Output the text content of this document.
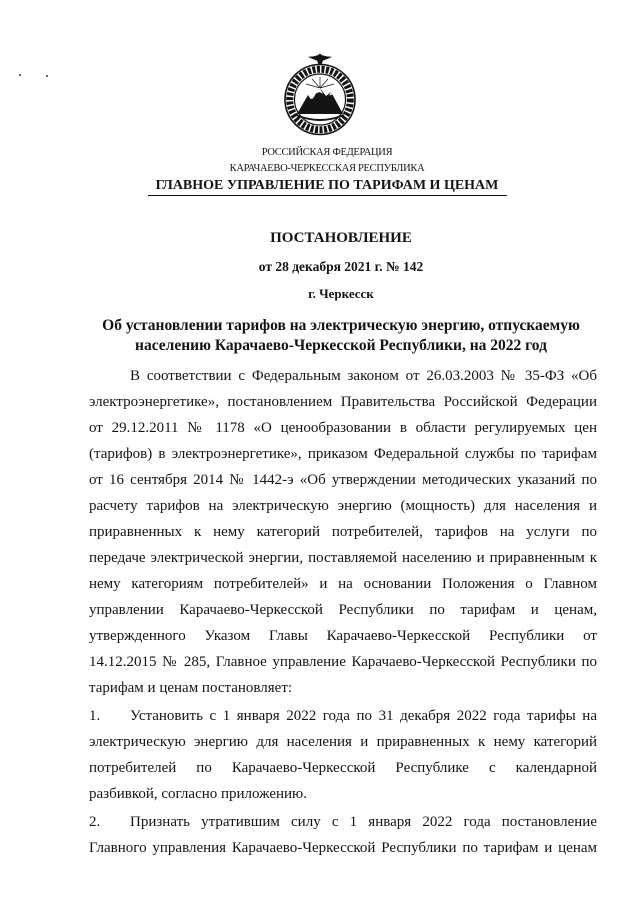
РОССИЙСКАЯ ФЕДЕРАЦИЯ
КАРАЧАЕВО-ЧЕРКЕССКАЯ РЕСПУБЛИКА
ГЛАВНОЕ УПРАВЛЕНИЕ ПО ТАРИФАМ И ЦЕНАМ
ПОСТАНОВЛЕНИЕ
от 28 декабря 2021 г. № 142
г. Черкесск
Об установлении тарифов на электрическую энергию, отпускаемую
населению Карачаево-Черкесской Республики, на 2022 год
В соответствии с Федеральным законом от 26.03.2003 № 35-ФЗ «Об
электроэнергетике», постановлением Правительства Российской Федерации
от 29.12.2011 № 1178 «О ценообразовании в области регулируемых цен
(тарифов) в электроэнергетике», приказом Федеральной службы по тарифам
от 16 сентября 2014 № 1442-э «Об утверждении методических указаний по
расчету тарифов на электрическую энергию (мощность) для населения и
приравненных к нему категорий потребителей, тарифов на услуги по
передаче электрической энергии, поставляемой населению и приравненным к
нему категориям потребителей» и на основании Положения о Главном
управлении Карачаево-Черкесской Республики по тарифам и ценам,
утвержденного Указом Главы Карачаево-Черкесской Республики от
14.12.2015 № 285, Главное управление Карачаево-Черкесской Республики по
тарифам и ценам постановляет:
1.	Установить с 1 января 2022 года по 31 декабря 2022 года тарифы на
электрическую энергию для населения и приравненных к нему категорий
потребителей по Карачаево-Черкесской Республике с календарной
разбивкой, согласно приложению.
2.	Признать утратившим силу с 1 января 2022 года постановление
Главного управления Карачаево-Черкесской Республики по тарифам и ценам
